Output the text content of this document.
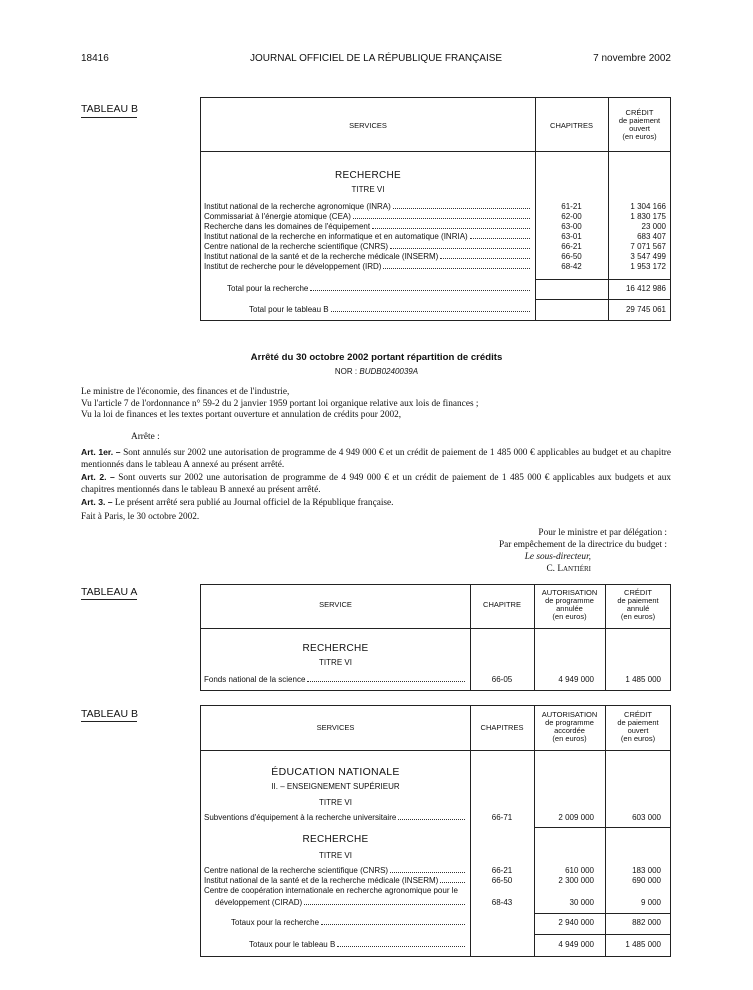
18416	JOURNAL OFFICIEL DE LA RÉPUBLIQUE FRANÇAISE	7 novembre 2002
TABLEAU B
SERVICES	CHAPITRES
CRÉDIT
de paiement
ouvert
(en euros)
RECHERCHE
TITRE VI
Institut national de la recherche agronomique (INRA)	61-21	1 304 166
Commissariat à l'énergie atomique (CEA)	62-00	1 830 175
Recherche dans les domaines de l'équipement	63-00	23 000
Institut national de la recherche en informatique et en automatique (INRIA)	63-01	683 407
Centre national de la recherche scientifique (CNRS)	66-21	7 071 567
Institut national de la santé et de la recherche médicale (INSERM)	66-50	3 547 499
Institut de recherche pour le développement (IRD)	68-42	1 953 172
Total pour la recherche	16 412 986
Total pour le tableau B	29 745 061
Arrêté du 30 octobre 2002 portant répartition de crédits
NOR : BUDB0240039A
Le ministre de l'économie, des finances et de l'industrie,
Vu l'article 7 de l'ordonnance n° 59-2 du 2 janvier 1959 portant loi organique relative aux lois de finances ;
Vu la loi de finances et les textes portant ouverture et annulation de crédits pour 2002,
Arrête :
Art. 1er. – Sont annulés sur 2002 une autorisation de programme de 4 949 000 € et un crédit de paiement de 1 485 000 € applicables au budget et au chapitre mentionnés dans le tableau A annexé au présent arrêté.
Art. 2. – Sont ouverts sur 2002 une autorisation de programme de 4 949 000 € et un crédit de paiement de 1 485 000 € applicables aux budgets et aux chapitres mentionnés dans le tableau B annexé au présent arrêté.
Art. 3. – Le présent arrêté sera publié au Journal officiel de la République française.
Fait à Paris, le 30 octobre 2002.
Pour le ministre et par délégation :
Par empêchement de la directrice du budget :
Le sous-directeur,
C. Lantiéri
TABLEAU A
SERVICE	CHAPITRE
AUTORISATION
de programme
annulée
(en euros)
CRÉDIT
de paiement
annulé
(en euros)
RECHERCHE
TITRE VI
Fonds national de la science	66-05	4 949 000	1 485 000
TABLEAU B
SERVICES	CHAPITRES
AUTORISATION
de programme
accordée
(en euros)
CRÉDIT
de paiement
ouvert
(en euros)
ÉDUCATION NATIONALE
II. – ENSEIGNEMENT SUPÉRIEUR
TITRE VI
Subventions d'équipement à la recherche universitaire	66-71	2 009 000	603 000
RECHERCHE
TITRE VI
Centre national de la recherche scientifique (CNRS)	66-21	610 000	183 000
Institut national de la santé et de la recherche médicale (INSERM)	66-50	2 300 000	690 000
Centre de coopération internationale en recherche agronomique pour le
développement (CIRAD)	68-43	30 000	9 000
Totaux pour la recherche	2 940 000	882 000
Totaux pour le tableau B	4 949 000	1 485 000
